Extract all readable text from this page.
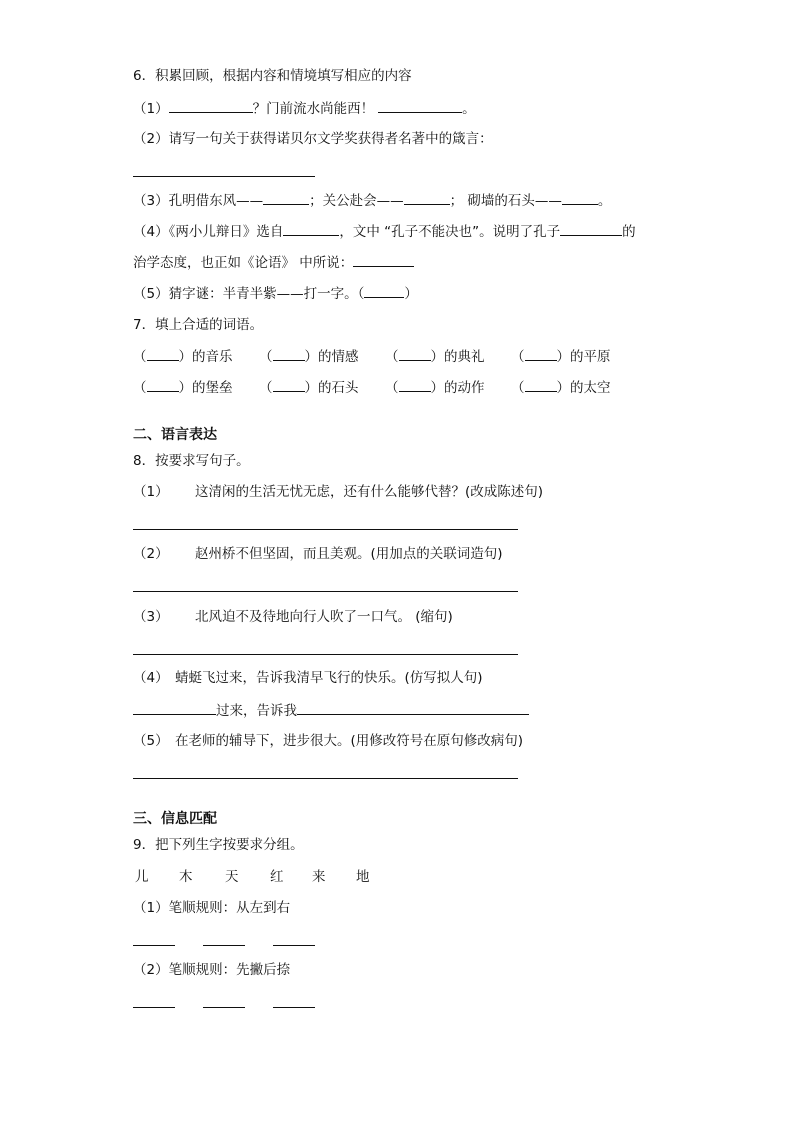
6．积累回顾，根据内容和情境填写相应的内容
（1）	？门前流水尚能西！	。
（2）请写一句关于获得诺贝尔文学奖获得者名著中的箴言：
（3）孔明借东风——	；关公赴会——	； 砌墙的石头——	。
（4）《两小儿辩日》选自	，文中 “孔子不能决也”。说明了孔子	的
治学态度，也正如《论语》 中所说：
（5）猜字谜：半青半紫——打一字。（	）
7．填上合适的词语。
（ ）的音乐 （ ）的情感 （ ）的典礼 （ ）的平原
（ ）的堡垒 （ ）的石头 （ ）的动作 （ ）的太空
二、语言表达
8．按要求写句子。
（1） 这清闲的生活无忧无虑，还有什么能够代替？(改成陈述句)
（2） 赵州桥不但坚固，而且美观。(用加点的关联词造句)
（3） 北风迫不及待地向行人吹了一口气。 (缩句)
（4） 蜻蜓飞过来，告诉我清早飞行的快乐。(仿写拟人句)
过来，告诉我
（5） 在老师的辅导下，进步很大。(用修改符号在原句修改病句)
三、信息匹配
9．把下列生字按要求分组。
儿 木 天 红 来 地
（1）笔顺规则：从左到右
（2）笔顺规则：先撇后捺
